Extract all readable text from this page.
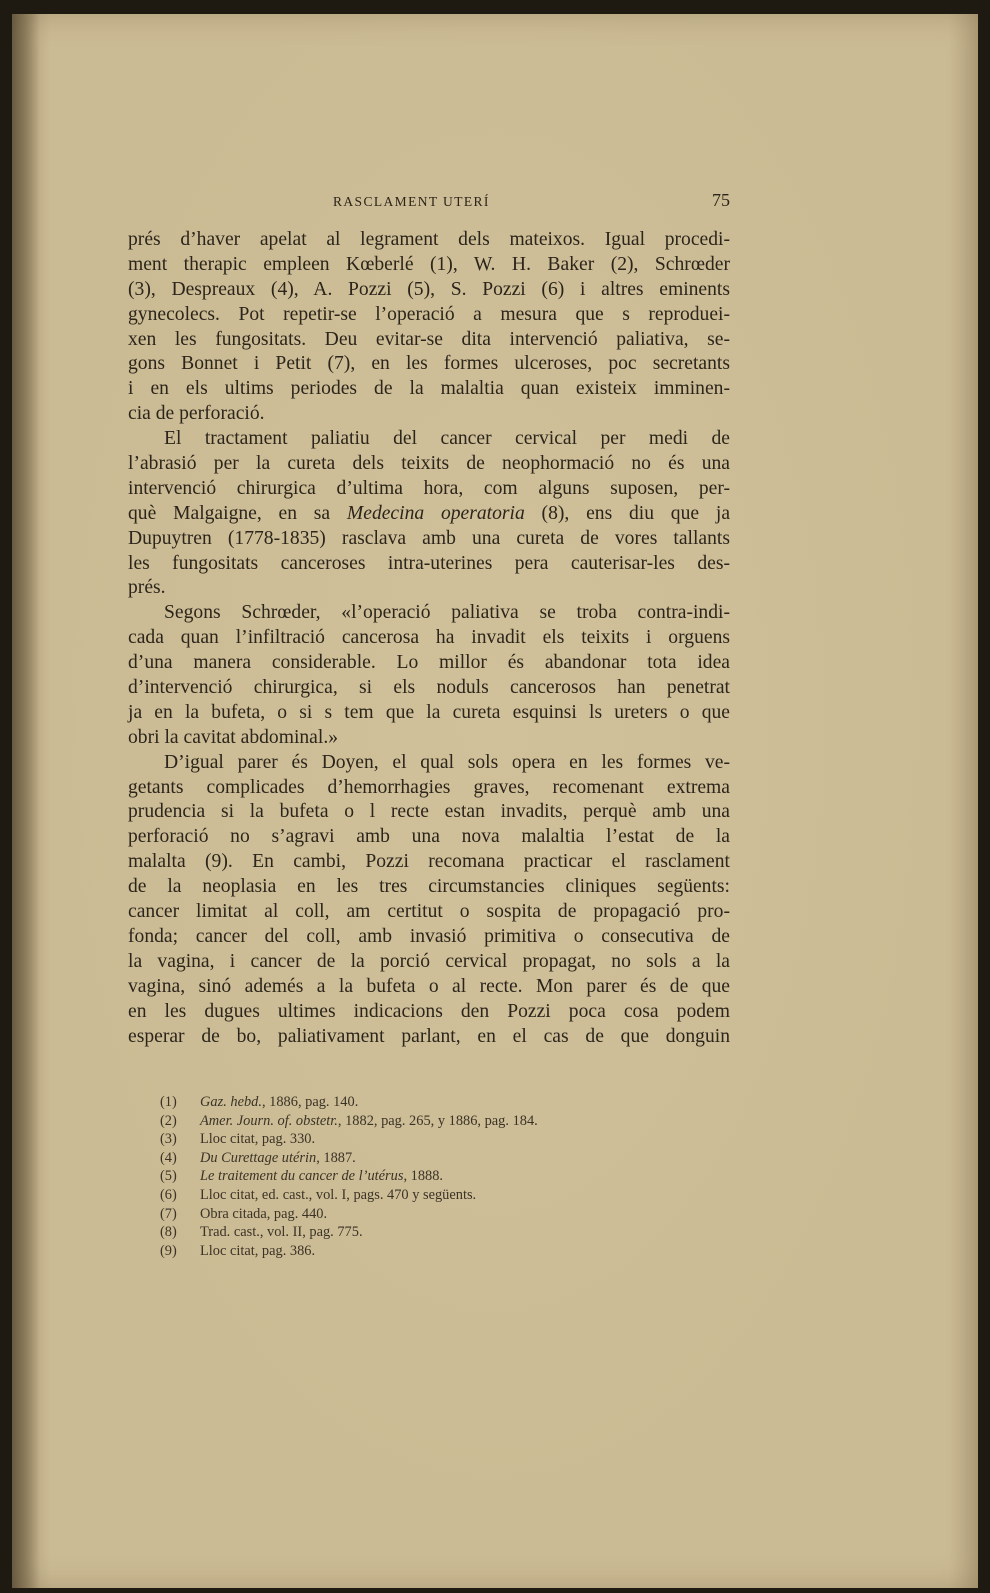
RASCLAMENT UTERÍ	75
prés d’haver apelat al legrament dels mateixos. Igual procedi-
ment therapic empleen Kœberlé (1), W. H. Baker (2), Schrœder
(3), Despreaux (4), A. Pozzi (5), S. Pozzi (6) i altres eminents
gynecolecs. Pot repetir-se l’operació a mesura que s reproduei-
xen les fungositats. Deu evitar-se dita intervenció paliativa, se-
gons Bonnet i Petit (7), en les formes ulceroses, poc secretants
i en els ultims periodes de la malaltia quan existeix imminen-
cia de perforació.
El tractament paliatiu del cancer cervical per medi de
l’abrasió per la cureta dels teixits de neophormació no és una
intervenció chirurgica d’ultima hora, com alguns suposen, per-
què Malgaigne, en sa Medecina operatoria (8), ens diu que ja
Dupuytren (1778-1835) rasclava amb una cureta de vores tallants
les fungositats canceroses intra-uterines pera cauterisar-les des-
prés.
Segons Schrœder, «l’operació paliativa se troba contra-indi-
cada quan l’infiltració cancerosa ha invadit els teixits i orguens
d’una manera considerable. Lo millor és abandonar tota idea
d’intervenció chirurgica, si els noduls cancerosos han penetrat
ja en la bufeta, o si s tem que la cureta esquinsi ls ureters o que
obri la cavitat abdominal.»
D’igual parer és Doyen, el qual sols opera en les formes ve-
getants complicades d’hemorrhagies graves, recomenant extrema
prudencia si la bufeta o l recte estan invadits, perquè amb una
perforació no s’agravi amb una nova malaltia l’estat de la
malalta (9). En cambi, Pozzi recomana practicar el rasclament
de la neoplasia en les tres circumstancies cliniques següents:
cancer limitat al coll, am certitut o sospita de propagació pro-
fonda; cancer del coll, amb invasió primitiva o consecutiva de
la vagina, i cancer de la porció cervical propagat, no sols a la
vagina, sinó ademés a la bufeta o al recte. Mon parer és de que
en les dugues ultimes indicacions den Pozzi poca cosa podem
esperar de bo, paliativament parlant, en el cas de que donguin
(1) Gaz. hebd., 1886, pag. 140.
(2) Amer. Journ. of. obstetr., 1882, pag. 265, y 1886, pag. 184.
(3) Lloc citat, pag. 330.
(4) Du Curettage utérin, 1887.
(5) Le traitement du cancer de l’utérus, 1888.
(6) Lloc citat, ed. cast., vol. I, pags. 470 y següents.
(7) Obra citada, pag. 440.
(8) Trad. cast., vol. II, pag. 775.
(9) Lloc citat, pag. 386.
